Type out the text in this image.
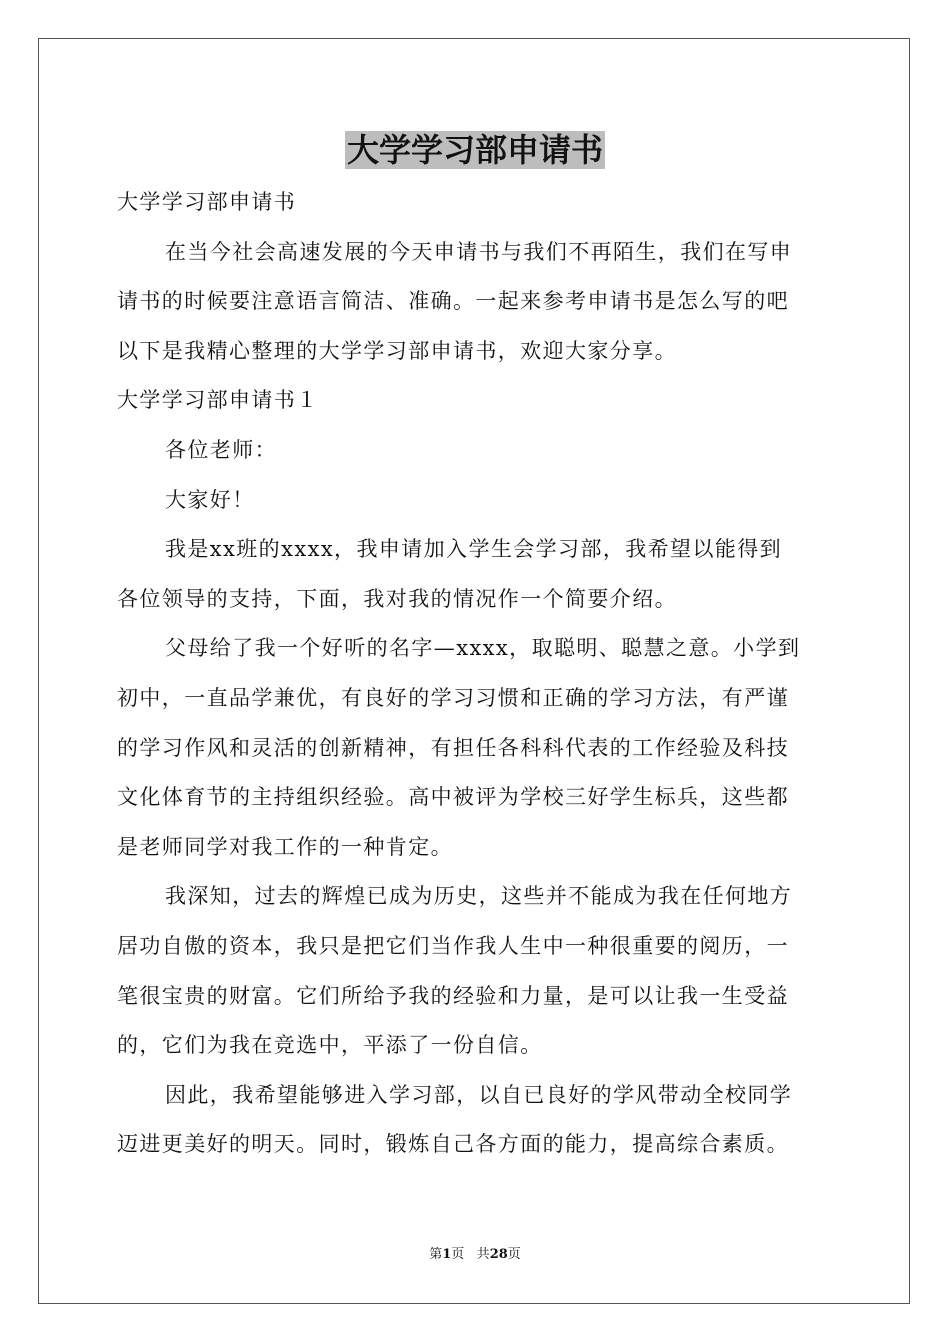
大学学习部申请书
大学学习部申请书
在当今社会高速发展的今天申请书与我们不再陌生，我们在写申
请书的时候要注意语言简洁、准确。一起来参考申请书是怎么写的吧
以下是我精心整理的大学学习部申请书，欢迎大家分享。
大学学习部申请书１
各位老师：
大家好！
我是xx班的xxxx，我申请加入学生会学习部，我希望以能得到
各位领导的支持，下面，我对我的情况作一个简要介绍。
父母给了我一个好听的名字—xxxx，取聪明、聪慧之意。小学到
初中，一直品学兼优，有良好的学习习惯和正确的学习方法，有严谨
的学习作风和灵活的创新精神，有担任各科科代表的工作经验及科技
文化体育节的主持组织经验。高中被评为学校三好学生标兵，这些都
是老师同学对我工作的一种肯定。
我深知，过去的辉煌已成为历史，这些并不能成为我在任何地方
居功自傲的资本，我只是把它们当作我人生中一种很重要的阅历，一
笔很宝贵的财富。它们所给予我的经验和力量，是可以让我一生受益
的，它们为我在竞选中，平添了一份自信。
因此，我希望能够进入学习部，以自已良好的学风带动全校同学
迈进更美好的明天。同时，锻炼自己各方面的能力，提高综合素质。
第1页 共28页
